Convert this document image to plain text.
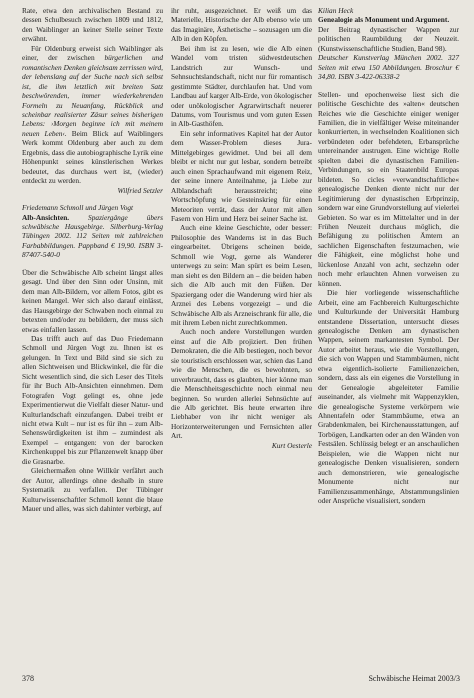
Rate, etwa den archivalischen Bestand zu dessen Schulbesuch zwischen 1809 und 1812, den Waiblinger an keiner Stelle seiner Texte erwähnt.

Für Oldenburg erweist sich Waiblinger als einer, der zwischen bürgerlichen und romantischen Denken gleichsam zerrissen wird, der lebenslang auf der Suche nach sich selbst ist, die ihm letztlich mit breiten Satz beschwörenden, immer wiederkehrenden Formeln zu Neuanfang, Rückblick und scheinbar realisierter Zäsur seines bisherigen Lebens: ›Morgen beginne ich mit meinem neuen Leben‹. Beim Blick auf Waiblingers Werk kommt Oldenburg aber auch zu dem Ergebnis, dass die autobiographische Lyrik eine Höhenpunkt seines künstlerischen Werkes bedeutet, das durchaus wert ist, (wieder) entdeckt zu werden.

Wilfried Setzler

Friedemann Schmoll und Jürgen Vogt

Alb-Ansichten.	Spaziergänge übers schwäbische Hausgebirge. Silberburg-Verlag Tübingen 2002. 112 Seiten mit zahlreichen Farbabbildungen. Pappband € 19,90. ISBN 3-87407-540-0

Über die Schwäbische Alb scheint längst alles gesagt. Und über den Sinn oder Unsinn, mit dem man Alb-Bildern, vor allem Fotos, gibt es keinen Mangel. Wer sich also darauf einlässt, das Hausgebirge der Schwaben noch einmal zu betexten und/oder zu bebildern, der muss sich etwas einfallen lassen.

Das trifft auch auf das Duo Friedemann Schmoll und Jürgen Vogt zu. Ihnen ist es gelungen. In Text und Bild sind sie sich zu allen Sichtweisen und Blickwinkel, die für die Sicht wesentlich sind, die sich Leser des Titels für ihr Buch Alb-Ansichten einnehmen. Dem Fotografen Vogt gelingt es, ohne jede Experimentierwut die Vielfalt dieser Natur- und Kulturlandschaft einzufangen. Dabei treibt er nicht etwa Kult – nur ist es für ihn – zum Alb-Sehenswürdigkeiten ist ihm – zumindest als Exempel – entgangen: von der barocken Kirchenkuppel bis zur Pflanzenwelt knapp über die Grasnarbe.

Gleichermaßen ohne Willkür verfährt auch der Autor, allerdings ohne deshalb in sture Systematik zu verfallen. Der Tübinger Kulturwissenschaftler Schmoll kennt die blaue Mauer und alles, was sich dahinter verbirgt, auf

ihr ruht, ausgezeichnet. Er weiß um das Materielle, Historische der Alb ebenso wie um das Imaginäre, Ästhetische – sozusagen um die Alb in den Köpfen.

Bei ihm ist zu lesen, wie die Alb einen Wandel vom tristen südwestdeutschen Landstrich zur Wunsch- und Sehnsuchtslandschaft, nicht nur für romantisch gestimmte Städter, durchlaufen hat. Und vom Landbau auf karger Alb-Erde, von ökologischer oder unökologischer Agrarwirtschaft neuerer Datums, vom Tourismus und vom guten Essen in Alb-Gasthöfen.

Ein sehr informatives Kapitel hat der Autor dem Wasser-Problem dieses Jura-Mittelgebirges gewidmet. Und bei all dem bleibt er nicht nur gut lesbar, sondern betreibt auch einen Sprachaufwand mit eigenem Reiz, der seine innere Anteilnahme, ja Liebe zur Alblandschaft herausstreicht; eine Wortschöpfung wie Gesteinskrieg für einen Meteoriten verrät, dass der Autor mit allen Fasern von Hirn und Herz bei seiner Sache ist.

Auch eine kleine Geschichte, oder besser: Philosophie des Wanderns ist in das Buch eingearbeitet. Übrigens scheinen beide, Schmoll wie Vogt, gerne als Wanderer unterwegs zu sein: Man spürt es beim Lesen, man sieht es den Bildern an – die beiden haben sich die Alb auch mit den Füßen. Der Spaziergang oder die Wanderung wird hier als Arznei des Lebens vorgezeigt – und die Schwäbische Alb als Arzneischrank für alle, die mit ihrem Leben nicht zurechtkommen.

Auch noch andere Vorstellungen wurden einst auf die Alb projiziert. Den frühen Demokraten, die die Alb bestiegen, noch bevor sie touristisch erschlossen war, schien das Land wie die Menschen, die es bewohnten, so unverbraucht, dass es glaubten, hier könne man die Menschheitsgeschichte noch einmal neu beginnen. So wurden allerlei Sehnsüchte auf die Alb gerichtet. Bis heute erwarten ihre Liebhaber von ihr nicht weniger als Horizonterweiterungen und Fernsichten aller Art.

Kurt Oesterle

Kilian Heck

Genealogie als Monument und Argument.

Der Beitrag dynastischer Wappen zur politischen Raumbildung der Neuzeit. (Kunstwissenschaftliche Studien, Band 98).

Deutscher Kunstverlag München 2002. 327 Seiten mit etwa 150 Abbildungen. Broschur € 34,80. ISBN 3-422-06338-2

Stellen- und epochenweise liest sich die politische Geschichte des »alten« deutschen Reiches wie die Geschichte einiger weniger Familien, die in vielfältiger Weise miteinander konkurrierten, in wechselnden Koalitionen sich verbündeten oder befehdeten, Erbansprüche untereinander austrugen. Eine wichtige Rolle spielten dabei die dynastischen Familien-Verbindungen, so ein Staatenbild Europas bildeten. So cicles »verwandtschaftliche« genealogische Denken diente nicht nur der Legitimierung der dynastischen Erbprinzip, sondern war eine Grundvorstellung auf vielerlei Gebieten. So war es im Mittelalter und in der Frühen Neuzeit durchaus möglich, die Befähigung zu politischen Ämtern an sachlichen Eigenschaften festzumachen, wie die Fähigkeit, eine möglichst hohe und lückenlose Anzahl von acht, sechzehn oder noch mehr erlauchten Ahnen vorweisen zu können.

Die hier vorliegende wissenschaftliche Arbeit, eine am Fachbereich Kulturgeschichte und Kulturkunde der Universität Hamburg entstandene Dissertation, untersucht dieses genealogische Denken am dynastischen Wappen, seinem markantesten Symbol. Der Autor arbeitet heraus, wie die Vorstellungen, die sich von Wappen und Stammbäumen, nicht etwa eigentlich-isolierte Familienzeichen, sondern, dass als ein eigenes die Vorstellung in der Genealogie abgeleiteter Familie auseinander, als vielmehr mit Wappenzyklen, die genealogische Systeme verkörpern wie Ahnentafeln oder Stammbäume, etwa an Grabdenkmalen, bei Kirchenausstattungen, auf Torbögen, Landkarten oder an den Wänden von Festsälen. Schlüssig belegt er an anschaulichen Beispielen, wie die Wappen nicht nur genealogische Denken visualisieren, sondern auch demonstrieren, wie genealogische Monumente nicht nur Familienzusammenhänge, Abstammungslinien oder Ansprüche visualisiert, sondern

378	Schwäbische Heimat 2003/3
